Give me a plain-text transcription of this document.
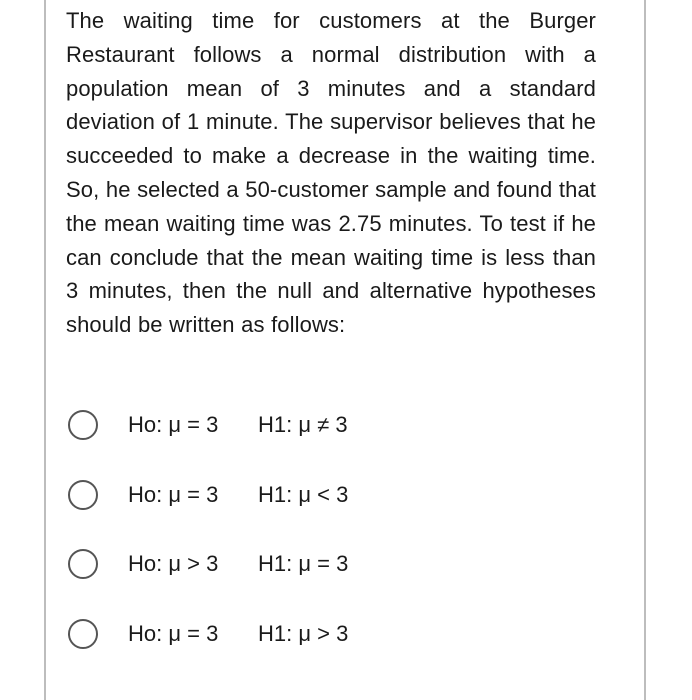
The waiting time for customers at the Burger Restaurant follows a normal distribution with a population mean of 3 minutes and a standard deviation of 1 minute. The supervisor believes that he succeeded to make a decrease in the waiting time. So, he selected a 50-customer sample and found that the mean waiting time was 2.75 minutes. To test if he can conclude that the mean waiting time is less than 3 minutes, then the null and alternative hypotheses should be written as follows:

Ho: μ = 3 H1: μ ≠ 3
Ho: μ = 3 H1: μ < 3
Ho: μ > 3 H1: μ = 3
Ho: μ = 3 H1: μ > 3
